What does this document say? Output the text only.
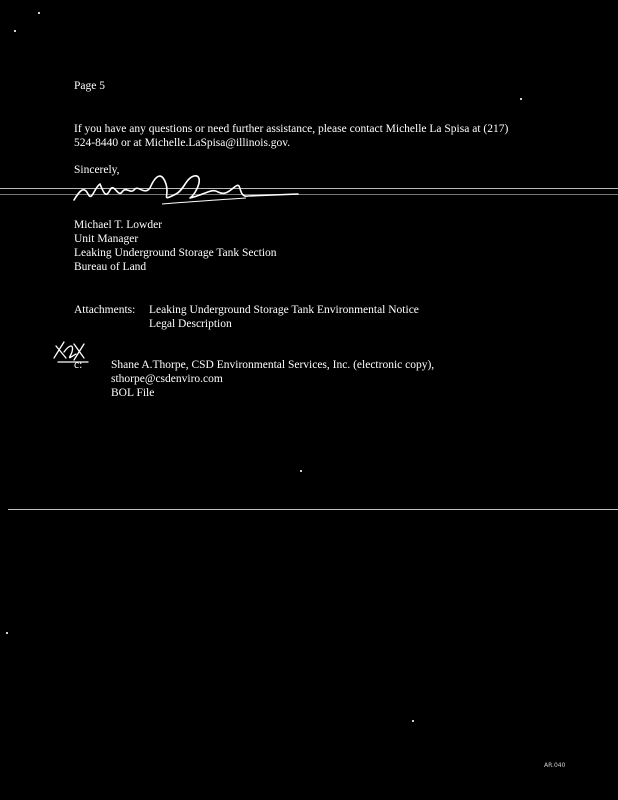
Page 5
If you have any questions or need further assistance, please contact Michelle La Spisa at (217)
524-8440 or at Michelle.LaSpisa@illinois.gov.
Sincerely,
Michael T. Lowder
Unit Manager
Leaking Underground Storage Tank Section
Bureau of Land
Attachments: Leaking Underground Storage Tank Environmental Notice
Legal Description
c: Shane A.Thorpe, CSD Environmental Services, Inc. (electronic copy),
sthorpe@csdenviro.com
BOL File
AR.040
